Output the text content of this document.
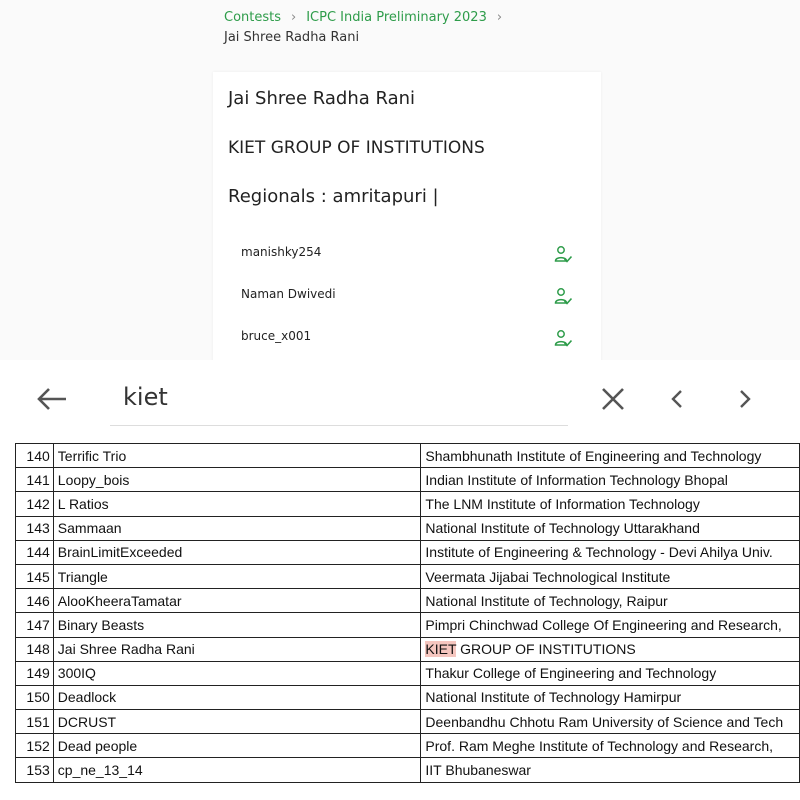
Contests › ICPC India Preliminary 2023 ›
Jai Shree Radha Rani
Jai Shree Radha Rani
KIET GROUP OF INSTITUTIONS
Regionals : amritapuri |
manishky254
Naman Dwivedi
bruce_x001
kiet
140	Terrific Trio	Shambhunath Institute of Engineering and Technology
141	Loopy_bois	Indian Institute of Information Technology Bhopal
142	L Ratios	The LNM Institute of Information Technology
143	Sammaan	National Institute of Technology Uttarakhand
144	BrainLimitExceeded	Institute of Engineering & Technology - Devi Ahilya Univ.
145	Triangle	Veermata Jijabai Technological Institute
146	AlooKheeraTamatar	National Institute of Technology, Raipur
147	Binary Beasts	Pimpri Chinchwad College Of Engineering and Research,
148	Jai Shree Radha Rani	KIET GROUP OF INSTITUTIONS
149	300IQ	Thakur College of Engineering and Technology
150	Deadlock	National Institute of Technology Hamirpur
151	DCRUST	Deenbandhu Chhotu Ram University of Science and Tech
152	Dead people	Prof. Ram Meghe Institute of Technology and Research,
153	cp_ne_13_14	IIT Bhubaneswar
